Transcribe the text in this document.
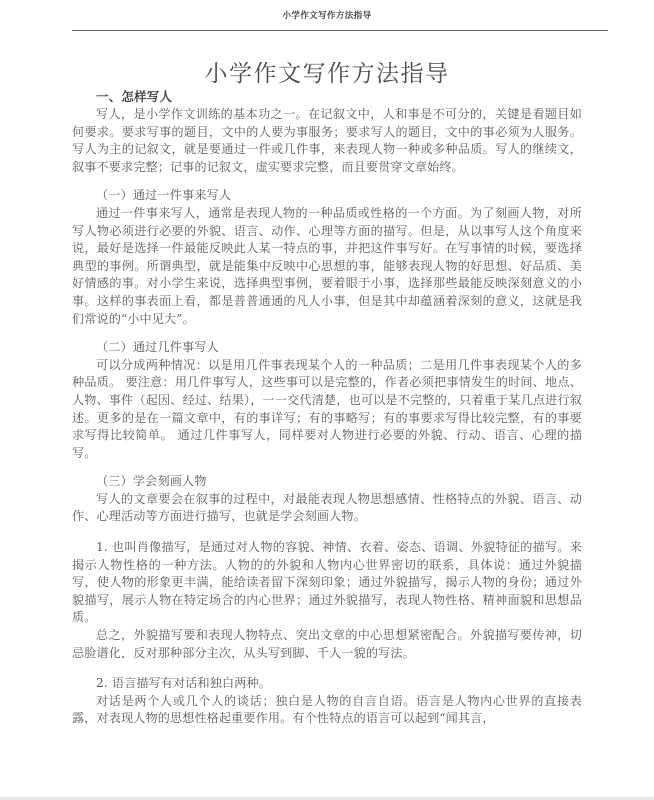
小学作文写作方法指导
小学作文写作方法指导
一、怎样写人

写人，是小学作文训练的基本功之一。在记叙文中，人和事是不可分的，关键是看题目如何要求。要求写事的题目，文中的人要为事服务；要求写人的题目，文中的事必须为人服务。写人为主的记叙文，就是要通过一件或几件事，来表现人物一种或多种品质。写人的继续文，叙事不要求完整；记事的记叙文，虚实要求完整，而且要贯穿文章始终。

（一）通过一件事来写人

通过一件事来写人，通常是表现人物的一种品质或性格的一个方面。为了刻画人物，对所写人物必须进行必要的外貌、语言、动作、心理等方面的描写。但是，从以事写人这个角度来说，最好是选择一件最能反映此人某一特点的事，并把这件事写好。在写事情的时候，要选择典型的事例。所谓典型，就是能集中反映中心思想的事，能够表现人物的好思想、好品质、美好情感的事。对小学生来说，选择典型事例，要着眼于小事，选择那些最能反映深刻意义的小事。这样的事表面上看，都是普普通通的凡人小事，但是其中却蕴涵着深刻的意义，这就是我们常说的“小中见大”。

（二）通过几件事写人

可以分成两种情况：以是用几件事表现某个人的一种品质；二是用几件事表现某个人的多种品质。 要注意：用几件事写人，这些事可以是完整的，作者必须把事情发生的时间、地点、人物、事件（起因、经过、结果），一一交代清楚，也可以是不完整的，只着重于某几点进行叙述。更多的是在一篇文章中，有的事详写；有的事略写；有的事要求写得比较完整，有的事要求写得比较简单。 通过几件事写人，同样要对人物进行必要的外貌、行动、语言、心理的描写。

（三）学会刻画人物

写人的文章要会在叙事的过程中，对最能表现人物思想感情、性格特点的外貌、语言、动作、心理活动等方面进行描写，也就是学会刻画人物。

1. 也叫肖像描写，是通过对人物的容貌、神情、衣着、姿态、语调、外貌特征的描写。来揭示人物性格的一种方法。人物的的外貌和人物内心世界密切的联系，具体说：通过外貌描写，使人物的形象更丰满，能给读者留下深刻印象；通过外貌描写，揭示人物的身份；通过外貌描写，展示人物在特定场合的内心世界；通过外貌描写，表现人物性格、精神面貌和思想品质。

总之，外貌描写要和表现人物特点、突出文章的中心思想紧密配合。外貌描写要传神，切忌脸谱化，反对那种部分主次，从头写到脚、千人一貌的写法。

2. 语言描写有对话和独白两种。

对话是两个人或几个人的谈话；独白是人物的自言自语。语言是人物内心世界的直接表露，对表现人物的思想性格起重要作用。有个性特点的语言可以起到“闻其言，
